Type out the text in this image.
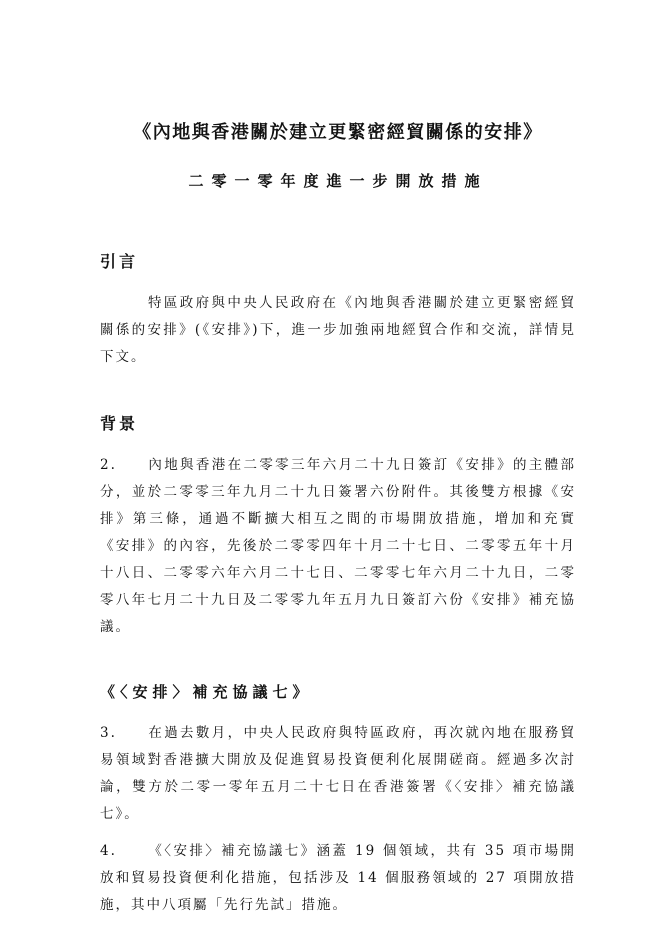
《內地與香港關於建立更緊密經貿關係的安排》
二零一零年度進一步開放措施
引言

特區政府與中央人民政府在《內地與香港關於建立更緊密經貿關係的安排》(《安排》)下，進一步加強兩地經貿合作和交流，詳情見下文。

背景

2. 內地與香港在二零零三年六月二十九日簽訂《安排》的主體部分，並於二零零三年九月二十九日簽署六份附件。其後雙方根據《安排》第三條，通過不斷擴大相互之間的市場開放措施，增加和充實《安排》的內容，先後於二零零四年十月二十七日、二零零五年十月十八日、二零零六年六月二十七日、二零零七年六月二十九日，二零零八年七月二十九日及二零零九年五月九日簽訂六份《安排》補充協議。

《〈安排〉補充協議七》

3. 在過去數月，中央人民政府與特區政府，再次就內地在服務貿易領域對香港擴大開放及促進貿易投資便利化展開磋商。經過多次討論，雙方於二零一零年五月二十七日在香港簽署《〈安排〉補充協議七》。

4. 《〈安排〉補充協議七》涵蓋 19 個領域，共有 35 項市場開放和貿易投資便利化措施，包括涉及 14 個服務領域的 27 項開放措施，其中八項屬「先行先試」措施。
